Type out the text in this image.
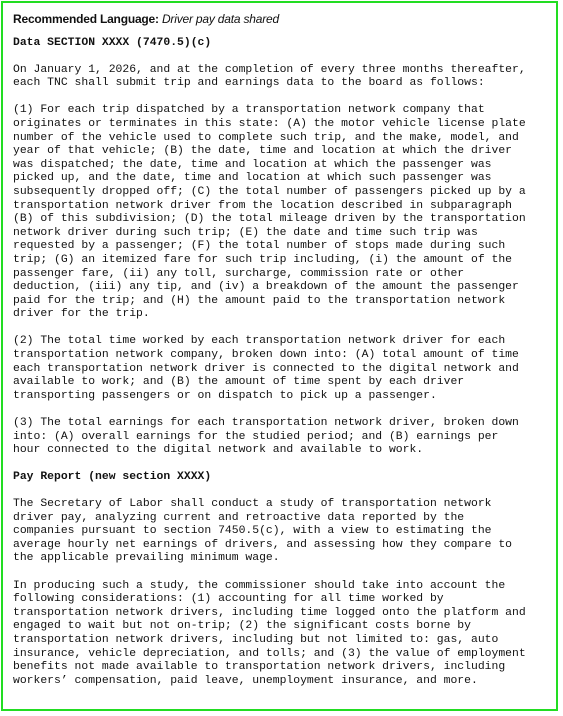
Recommended Language: Driver pay data shared

Data SECTION XXXX (7470.5)(c)

On January 1, 2026, and at the completion of every three months thereafter,
each TNC shall submit trip and earnings data to the board as follows:

(1) For each trip dispatched by a transportation network company that
originates or terminates in this state: (A) the motor vehicle license plate
number of the vehicle used to complete such trip, and the make, model, and
year of that vehicle; (B) the date, time and location at which the driver
was dispatched; the date, time and location at which the passenger was
picked up, and the date, time and location at which such passenger was
subsequently dropped off; (C) the total number of passengers picked up by a
transportation network driver from the location described in subparagraph
(B) of this subdivision; (D) the total mileage driven by the transportation
network driver during such trip; (E) the date and time such trip was
requested by a passenger; (F) the total number of stops made during such
trip; (G) an itemized fare for such trip including, (i) the amount of the
passenger fare, (ii) any toll, surcharge, commission rate or other
deduction, (iii) any tip, and (iv) a breakdown of the amount the passenger
paid for the trip; and (H) the amount paid to the transportation network
driver for the trip.

(2) The total time worked by each transportation network driver for each
transportation network company, broken down into: (A) total amount of time
each transportation network driver is connected to the digital network and
available to work; and (B) the amount of time spent by each driver
transporting passengers or on dispatch to pick up a passenger.

(3) The total earnings for each transportation network driver, broken down
into: (A) overall earnings for the studied period; and (B) earnings per
hour connected to the digital network and available to work.

Pay Report (new section XXXX)

The Secretary of Labor shall conduct a study of transportation network
driver pay, analyzing current and retroactive data reported by the
companies pursuant to section 7450.5(c), with a view to estimating the
average hourly net earnings of drivers, and assessing how they compare to
the applicable prevailing minimum wage.

In producing such a study, the commissioner should take into account the
following considerations: (1) accounting for all time worked by
transportation network drivers, including time logged onto the platform and
engaged to wait but not on-trip; (2) the significant costs borne by
transportation network drivers, including but not limited to: gas, auto
insurance, vehicle depreciation, and tolls; and (3) the value of employment
benefits not made available to transportation network drivers, including
workers’ compensation, paid leave, unemployment insurance, and more.
